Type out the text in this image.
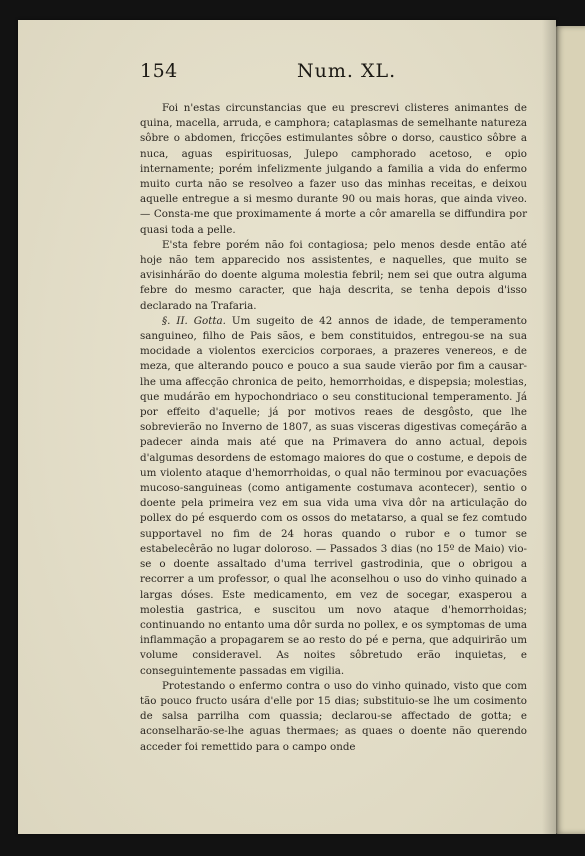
154	Num. XL.

Foi n'estas circunstancias que eu prescrevi clisteres animantes de quina, macella, arruda, e camphora; cataplasmas de semelhante natureza sôbre o abdomen, fricções estimulantes sôbre o dorso, caustico sôbre a nuca, aguas espirituosas, Julepo camphorado acetoso, e opio internamente; porém infelizmente julgando a familia a vida do enfermo muito curta não se resolveo a fazer uso das minhas receitas, e deixou aquelle entregue a si mesmo durante 90 ou mais horas, que ainda viveo. — Consta-me que proximamente á morte a côr amarella se diffundira por quasi toda a pelle.

E'sta febre porém não foi contagiosa; pelo menos desde então até hoje não tem apparecido nos assistentes, e naquelles, que muito se avisinhárão do doente alguma molestia febril; nem sei que outra alguma febre do mesmo caracter, que haja descrita, se tenha depois d'isso declarado na Trafaria.

§. II. Gotta. Um sugeito de 42 annos de idade, de temperamento sanguineo, filho de Pais sãos, e bem constituidos, entregou-se na sua mocidade a violentos exercicios corporaes, a prazeres venereos, e de meza, que alterando pouco e pouco a sua saude vierão por fim a causar-lhe uma affecção chronica de peito, hemorrhoidas, e dispepsia; molestias, que mudárão em hypochondriaco o seu constitucional temperamento. Já por effeito d'aquelle; já por motivos reaes de desgôsto, que lhe sobrevierão no Inverno de 1807, as suas visceras digestivas começárão a padecer ainda mais até que na Primavera do anno actual, depois d'algumas desordens de estomago maiores do que o costume, e depois de um violento ataque d'hemorrhoidas, o qual não terminou por evacuações mucoso-sanguineas (como antigamente costumava acontecer), sentio o doente pela primeira vez em sua vida uma viva dôr na articulação do pollex do pé esquerdo com os ossos do metatarso, a qual se fez comtudo supportavel no fim de 24 horas quando o rubor e o tumor se estabelecêrão no lugar doloroso. — Passados 3 dias (no 15º de Maio) vio-se o doente assaltado d'uma terrivel gastrodinia, que o obrigou a recorrer a um professor, o qual lhe aconselhou o uso do vinho quinado a largas dóses. Este medicamento, em vez de socegar, exasperou a molestia gastrica, e suscitou um novo ataque d'hemorrhoidas; continuando no entanto uma dôr surda no pollex, e os symptomas de uma inflammação a propagarem se ao resto do pé e perna, que adquirirão um volume consideravel. As noites sôbretudo erão inquietas, e conseguintemente passadas em vigilia.

Protestando o enfermo contra o uso do vinho quinado, visto que com tão pouco fructo usára d'elle por 15 dias; substituio-se lhe um cosimento de salsa parrilha com quassia; declarou-se affectado de gotta; e aconselharão-se-lhe aguas thermaes; as quaes o doente não querendo acceder foi remettido para o campo onde
